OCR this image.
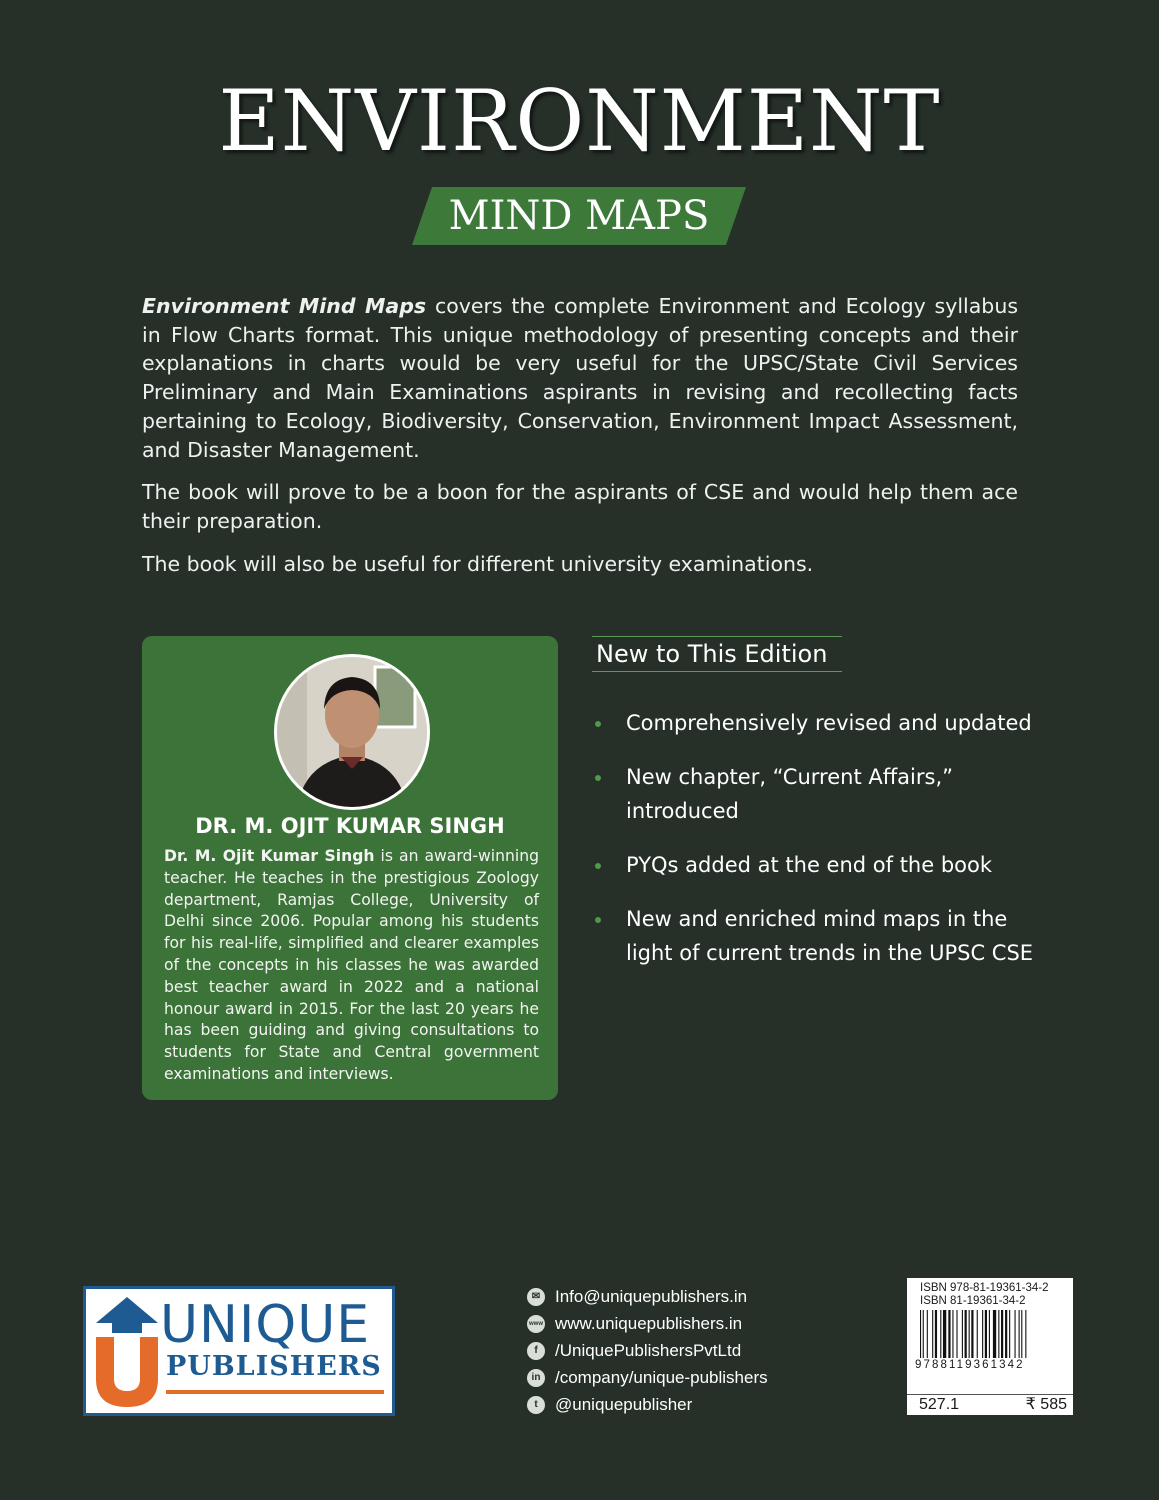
ENVIRONMENT
MIND MAPS

Environment Mind Maps covers the complete Environment and Ecology syllabus in Flow Charts format. This unique methodology of presenting concepts and their explanations in charts would be very useful for the UPSC/State Civil Services Preliminary and Main Examinations aspirants in revising and recollecting facts pertaining to Ecology, Biodiversity, Conservation, Environment Impact Assessment, and Disaster Management.

The book will prove to be a boon for the aspirants of CSE and would help them ace their preparation.

The book will also be useful for different university examinations.

DR. M. OJIT KUMAR SINGH
Dr. M. Ojit Kumar Singh is an award-winning teacher. He teaches in the prestigious Zoology department, Ramjas College, University of Delhi since 2006. Popular among his students for his real-life, simplified and clearer examples of the concepts in his classes he was awarded best teacher award in 2022 and a national honour award in 2015. For the last 20 years he has been guiding and giving consultations to students for State and Central government examinations and interviews.
New to This Edition
Comprehensively revised and updated
New chapter, “Current Affairs,” introduced
PYQs added at the end of the book
New and enriched mind maps in the light of current trends in the UPSC CSE
UNIQUE
PUBLISHERS
✉ Info@uniquepublishers.in
www www.uniquepublishers.in
f	/UniquePublishersPvtLtd
in /company/unique-publishers
t	@uniquepublisher
ISBN 978-81-19361-34-2
ISBN 81-19361-34-2
9788119361342
527.1	₹ 585
